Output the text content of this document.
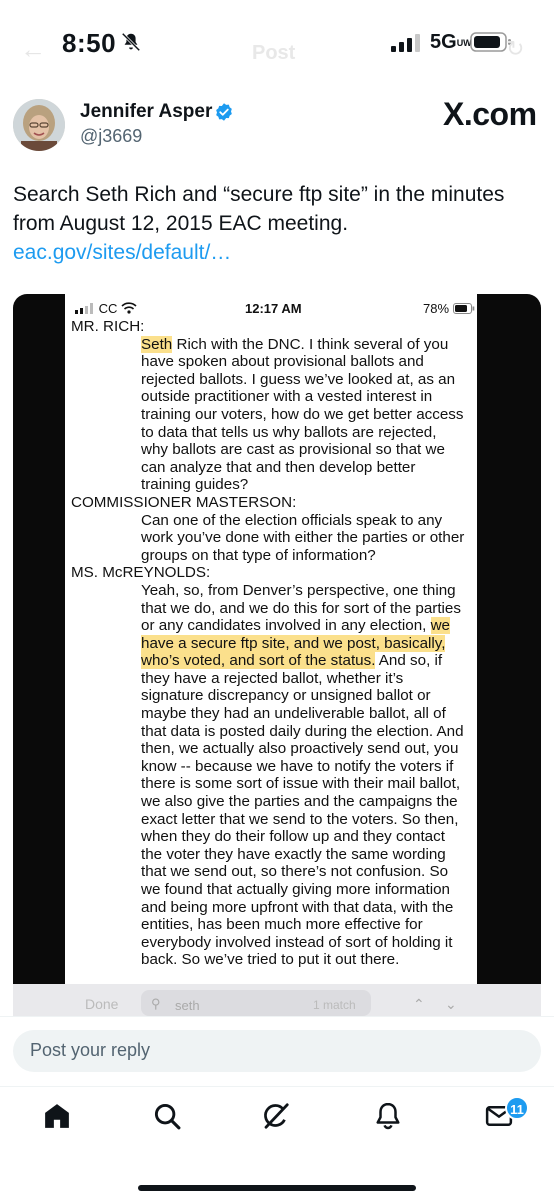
← 8:50	Post	5GUW ↻
Jennifer Asper
@j3669
X.com
Search Seth Rich and “secure ftp site” in the minutes from August 12, 2015 EAC meeting. eac.gov/sites/default/…
CC	12:17 AM	78%
MR. RICH:
Seth Rich with the DNC. I think several of you have spoken about provisional ballots and rejected ballots. I guess we’ve looked at, as an outside practitioner with a vested interest in training our voters, how do we get better access to data that tells us why ballots are rejected, why ballots are cast as provisional so that we can analyze that and then develop better training guides?
COMMISSIONER MASTERSON:
Can one of the election officials speak to any work you’ve done with either the parties or other groups on that type of information?
MS. McREYNOLDS:
Yeah, so, from Denver’s perspective, one thing that we do, and we do this for sort of the parties or any candidates involved in any election, we have a secure ftp site, and we post, basically, who’s voted, and sort of the status. And so, if they have a rejected ballot, whether it’s signature discrepancy or unsigned ballot or maybe they had an undeliverable ballot, all of that data is posted daily during the election. And then, we actually also proactively send out, you know -- because we have to notify the voters if there is some sort of issue with their mail ballot, we also give the parties and the campaigns the exact letter that we send to the voters. So then, when they do their follow up and they contact the voter they have exactly the same wording that we send out, so there’s not confusion. So we found that actually giving more information and being more upfront with that data, with the entities, has been much more effective for everybody involved instead of sort of holding it back. So we’ve tried to put it out there.
Done	⚲ seth	1 match	⌃ ⌄
Post your reply
11
